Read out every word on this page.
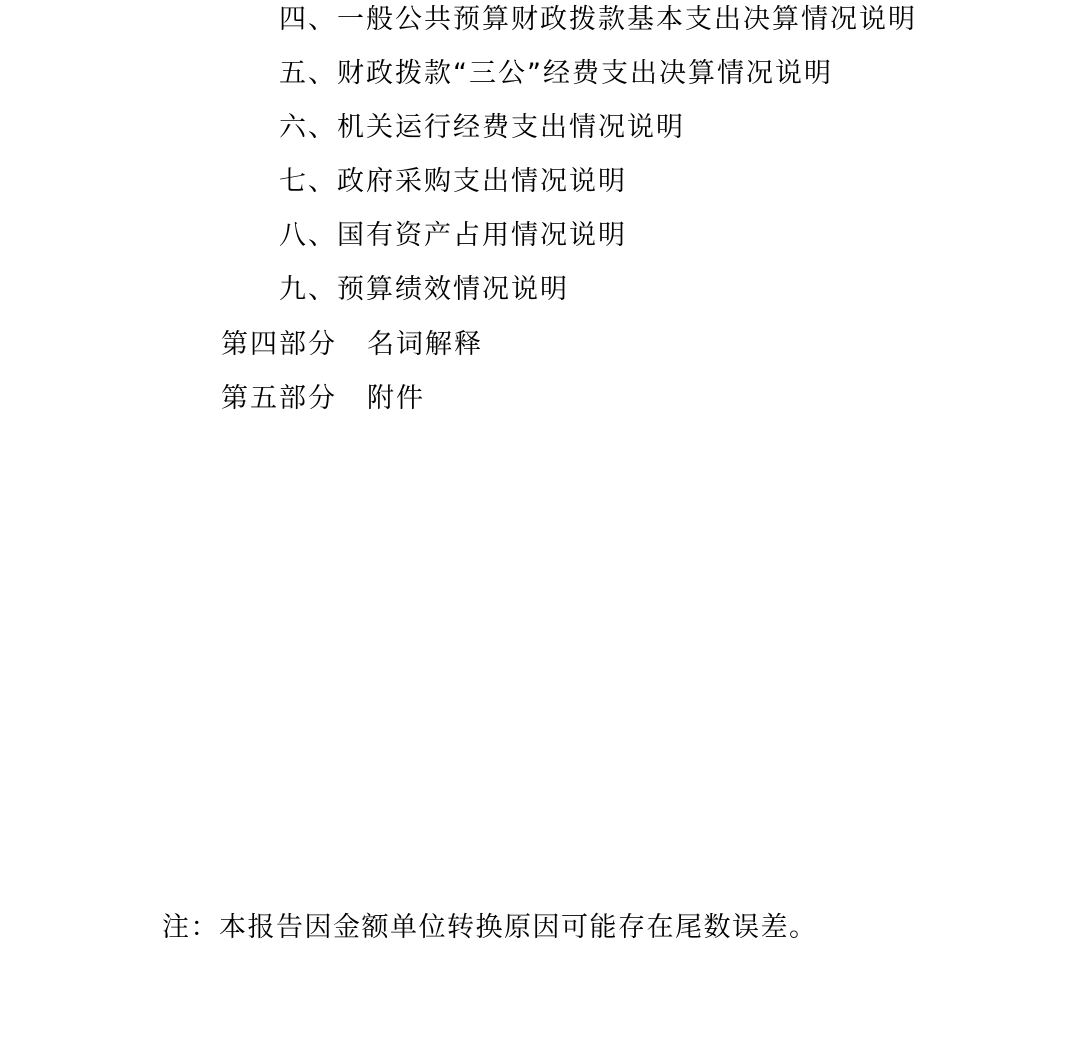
四、一般公共预算财政拨款基本支出决算情况说明
五、财政拨款“三公”经费支出决算情况说明
六、机关运行经费支出情况说明
七、政府采购支出情况说明
八、国有资产占用情况说明
九、预算绩效情况说明
第四部分 名词解释
第五部分 附件
注：本报告因金额单位转换原因可能存在尾数误差。
